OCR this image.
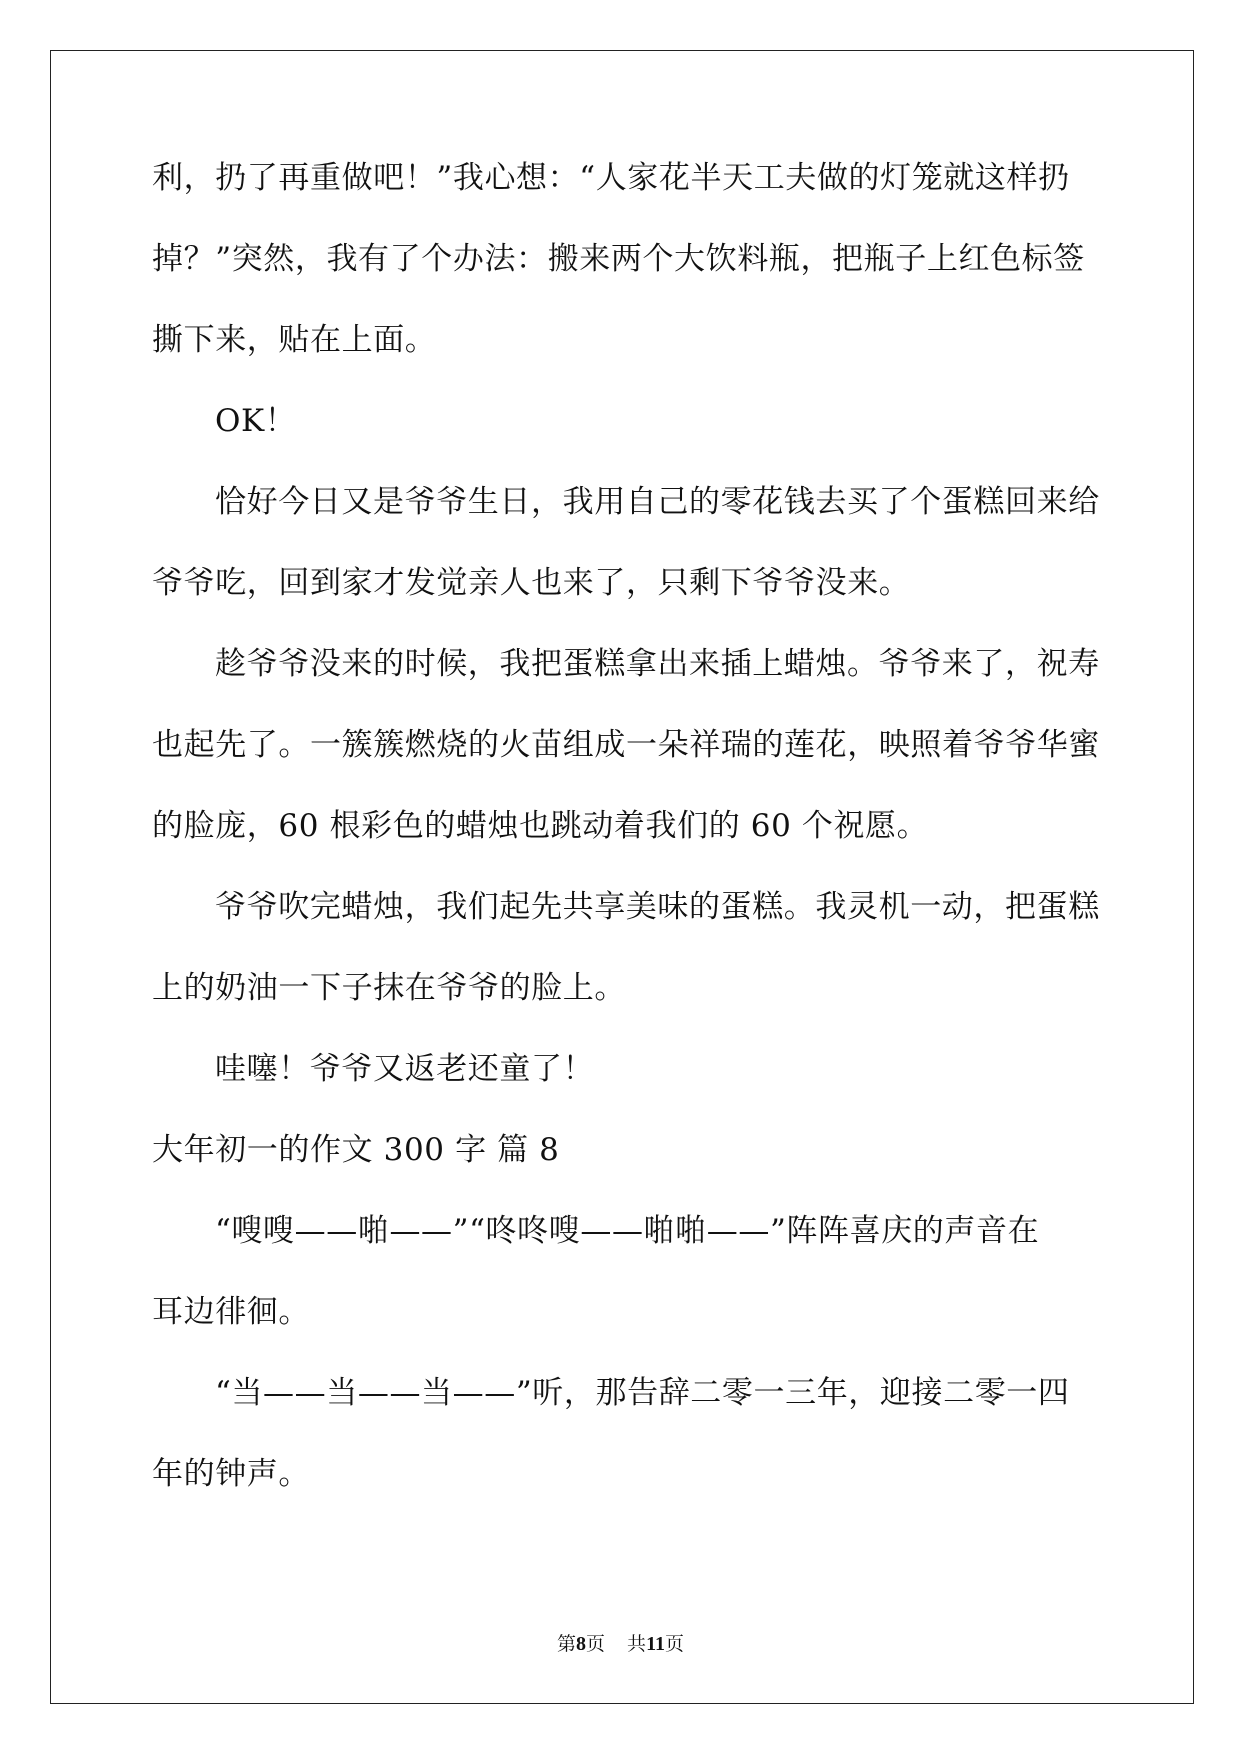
利，扔了再重做吧！”我心想：“人家花半天工夫做的灯笼就这样扔
掉？”突然，我有了个办法：搬来两个大饮料瓶，把瓶子上红色标签
撕下来，贴在上面。
OK！
恰好今日又是爷爷生日，我用自己的零花钱去买了个蛋糕回来给
爷爷吃，回到家才发觉亲人也来了，只剩下爷爷没来。
趁爷爷没来的时候，我把蛋糕拿出来插上蜡烛。爷爷来了，祝寿
也起先了。一簇簇燃烧的火苗组成一朵祥瑞的莲花，映照着爷爷华蜜
的脸庞，60 根彩色的蜡烛也跳动着我们的 60 个祝愿。
爷爷吹完蜡烛，我们起先共享美味的蛋糕。我灵机一动，把蛋糕
上的奶油一下子抹在爷爷的脸上。
哇噻！爷爷又返老还童了！
大年初一的作文 300 字 篇 8
“嗖嗖——啪——”“咚咚嗖——啪啪——”阵阵喜庆的声音在
耳边徘徊。
“当——当——当——”听，那告辞二零一三年，迎接二零一四
年的钟声。
第8页 共11页
